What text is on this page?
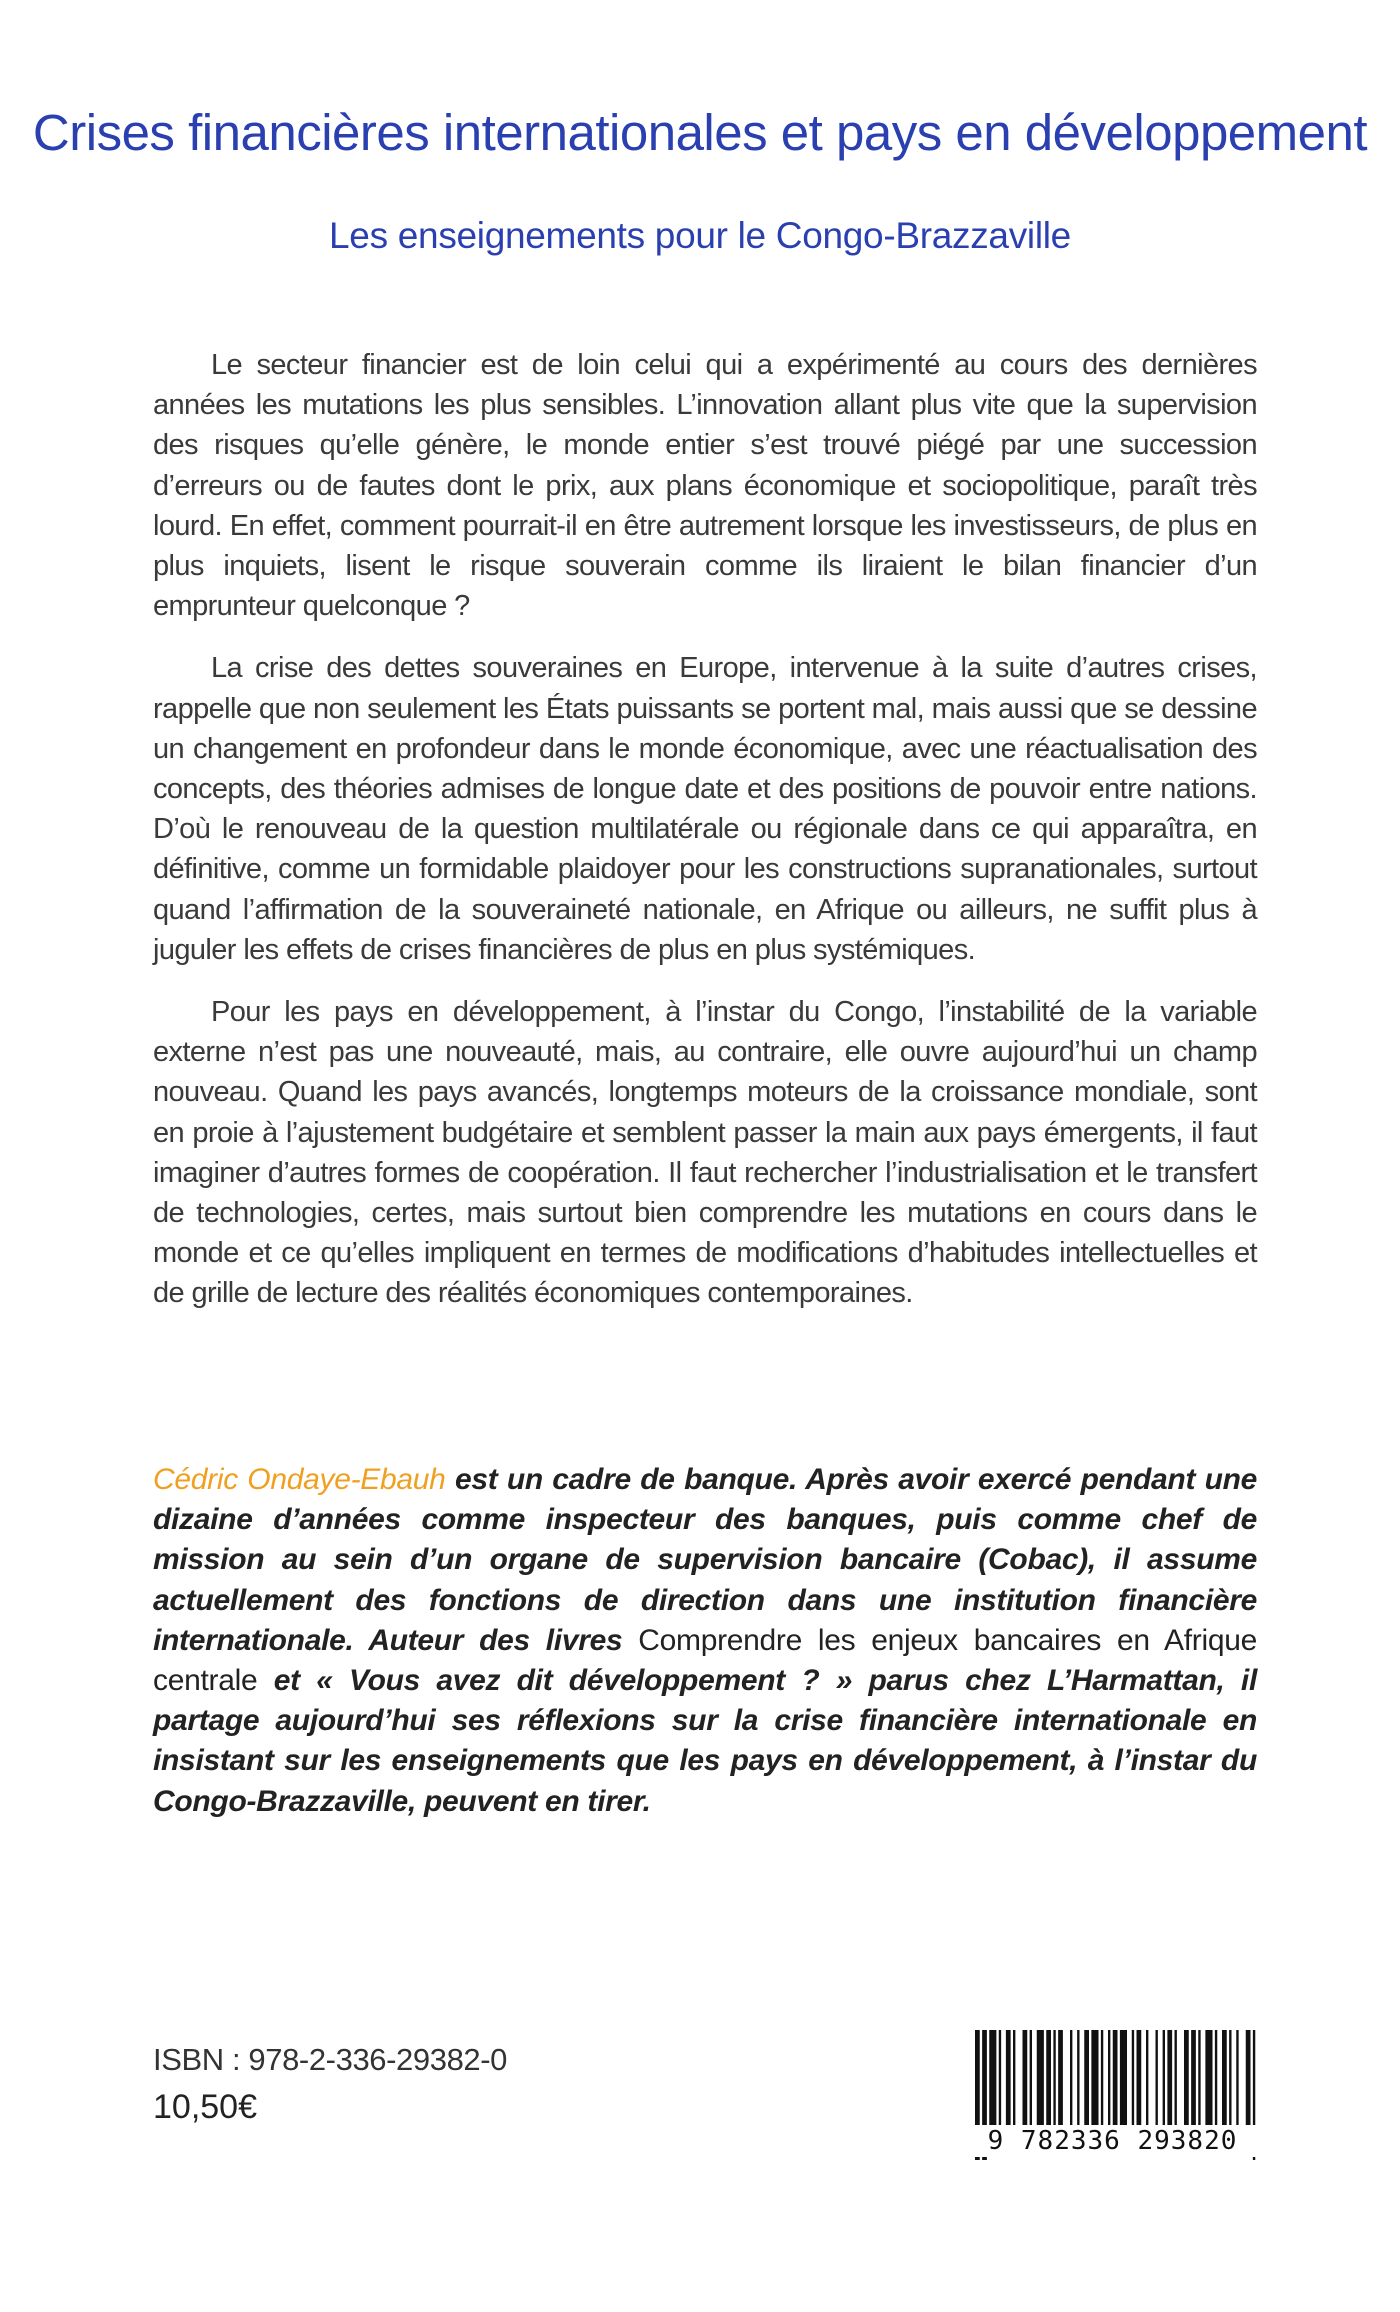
Crises financières internationales et pays en développement
Les enseignements pour le Congo-Brazzaville

Le secteur financier est de loin celui qui a expérimenté au cours des dernières années les mutations les plus sensibles. L’innovation allant plus vite que la supervision des risques qu’elle génère, le monde entier s’est trouvé piégé par une succession d’erreurs ou de fautes dont le prix, aux plans économique et sociopolitique, paraît très lourd. En effet, comment pourrait-il en être autrement lorsque les investisseurs, de plus en plus inquiets, lisent le risque souverain comme ils liraient le bilan financier d’un emprunteur quelconque ?

La crise des dettes souveraines en Europe, intervenue à la suite d’autres crises, rappelle que non seulement les États puissants se portent mal, mais aussi que se dessine un changement en profondeur dans le monde économique, avec une réactualisation des concepts, des théories admises de longue date et des positions de pouvoir entre nations. D’où le renouveau de la question multilatérale ou régionale dans ce qui apparaîtra, en définitive, comme un formidable plaidoyer pour les constructions supranationales, surtout quand l’affirmation de la souveraineté nationale, en Afrique ou ailleurs, ne suffit plus à juguler les effets de crises financières de plus en plus systémiques.

Pour les pays en développement, à l’instar du Congo, l’instabilité de la variable externe n’est pas une nouveauté, mais, au contraire, elle ouvre aujourd’hui un champ nouveau. Quand les pays avancés, longtemps moteurs de la croissance mondiale, sont en proie à l’ajustement budgétaire et semblent passer la main aux pays émergents, il faut imaginer d’autres formes de coopération. Il faut rechercher l’industrialisation et le transfert de technologies, certes, mais surtout bien comprendre les mutations en cours dans le monde et ce qu’elles impliquent en termes de modifications d’habitudes intellectuelles et de grille de lecture des réalités économiques contemporaines.

Cédric Ondaye-Ebauh est un cadre de banque. Après avoir exercé pendant une dizaine d’années comme inspecteur des banques, puis comme chef de mission au sein d’un organe de supervision bancaire (Cobac), il assume actuellement des fonctions de direction dans une institution financière internationale. Auteur des livres Comprendre les enjeux bancaires en Afrique centrale et « Vous avez dit développement ? » parus chez L’Harmattan, il partage aujourd’hui ses réflexions sur la crise financière internationale en insistant sur les enseignements que les pays en développement, à l’instar du Congo-Brazzaville, peuvent en tirer.
ISBN : 978-2-336-29382-0
10,50€
9 782336 293820
